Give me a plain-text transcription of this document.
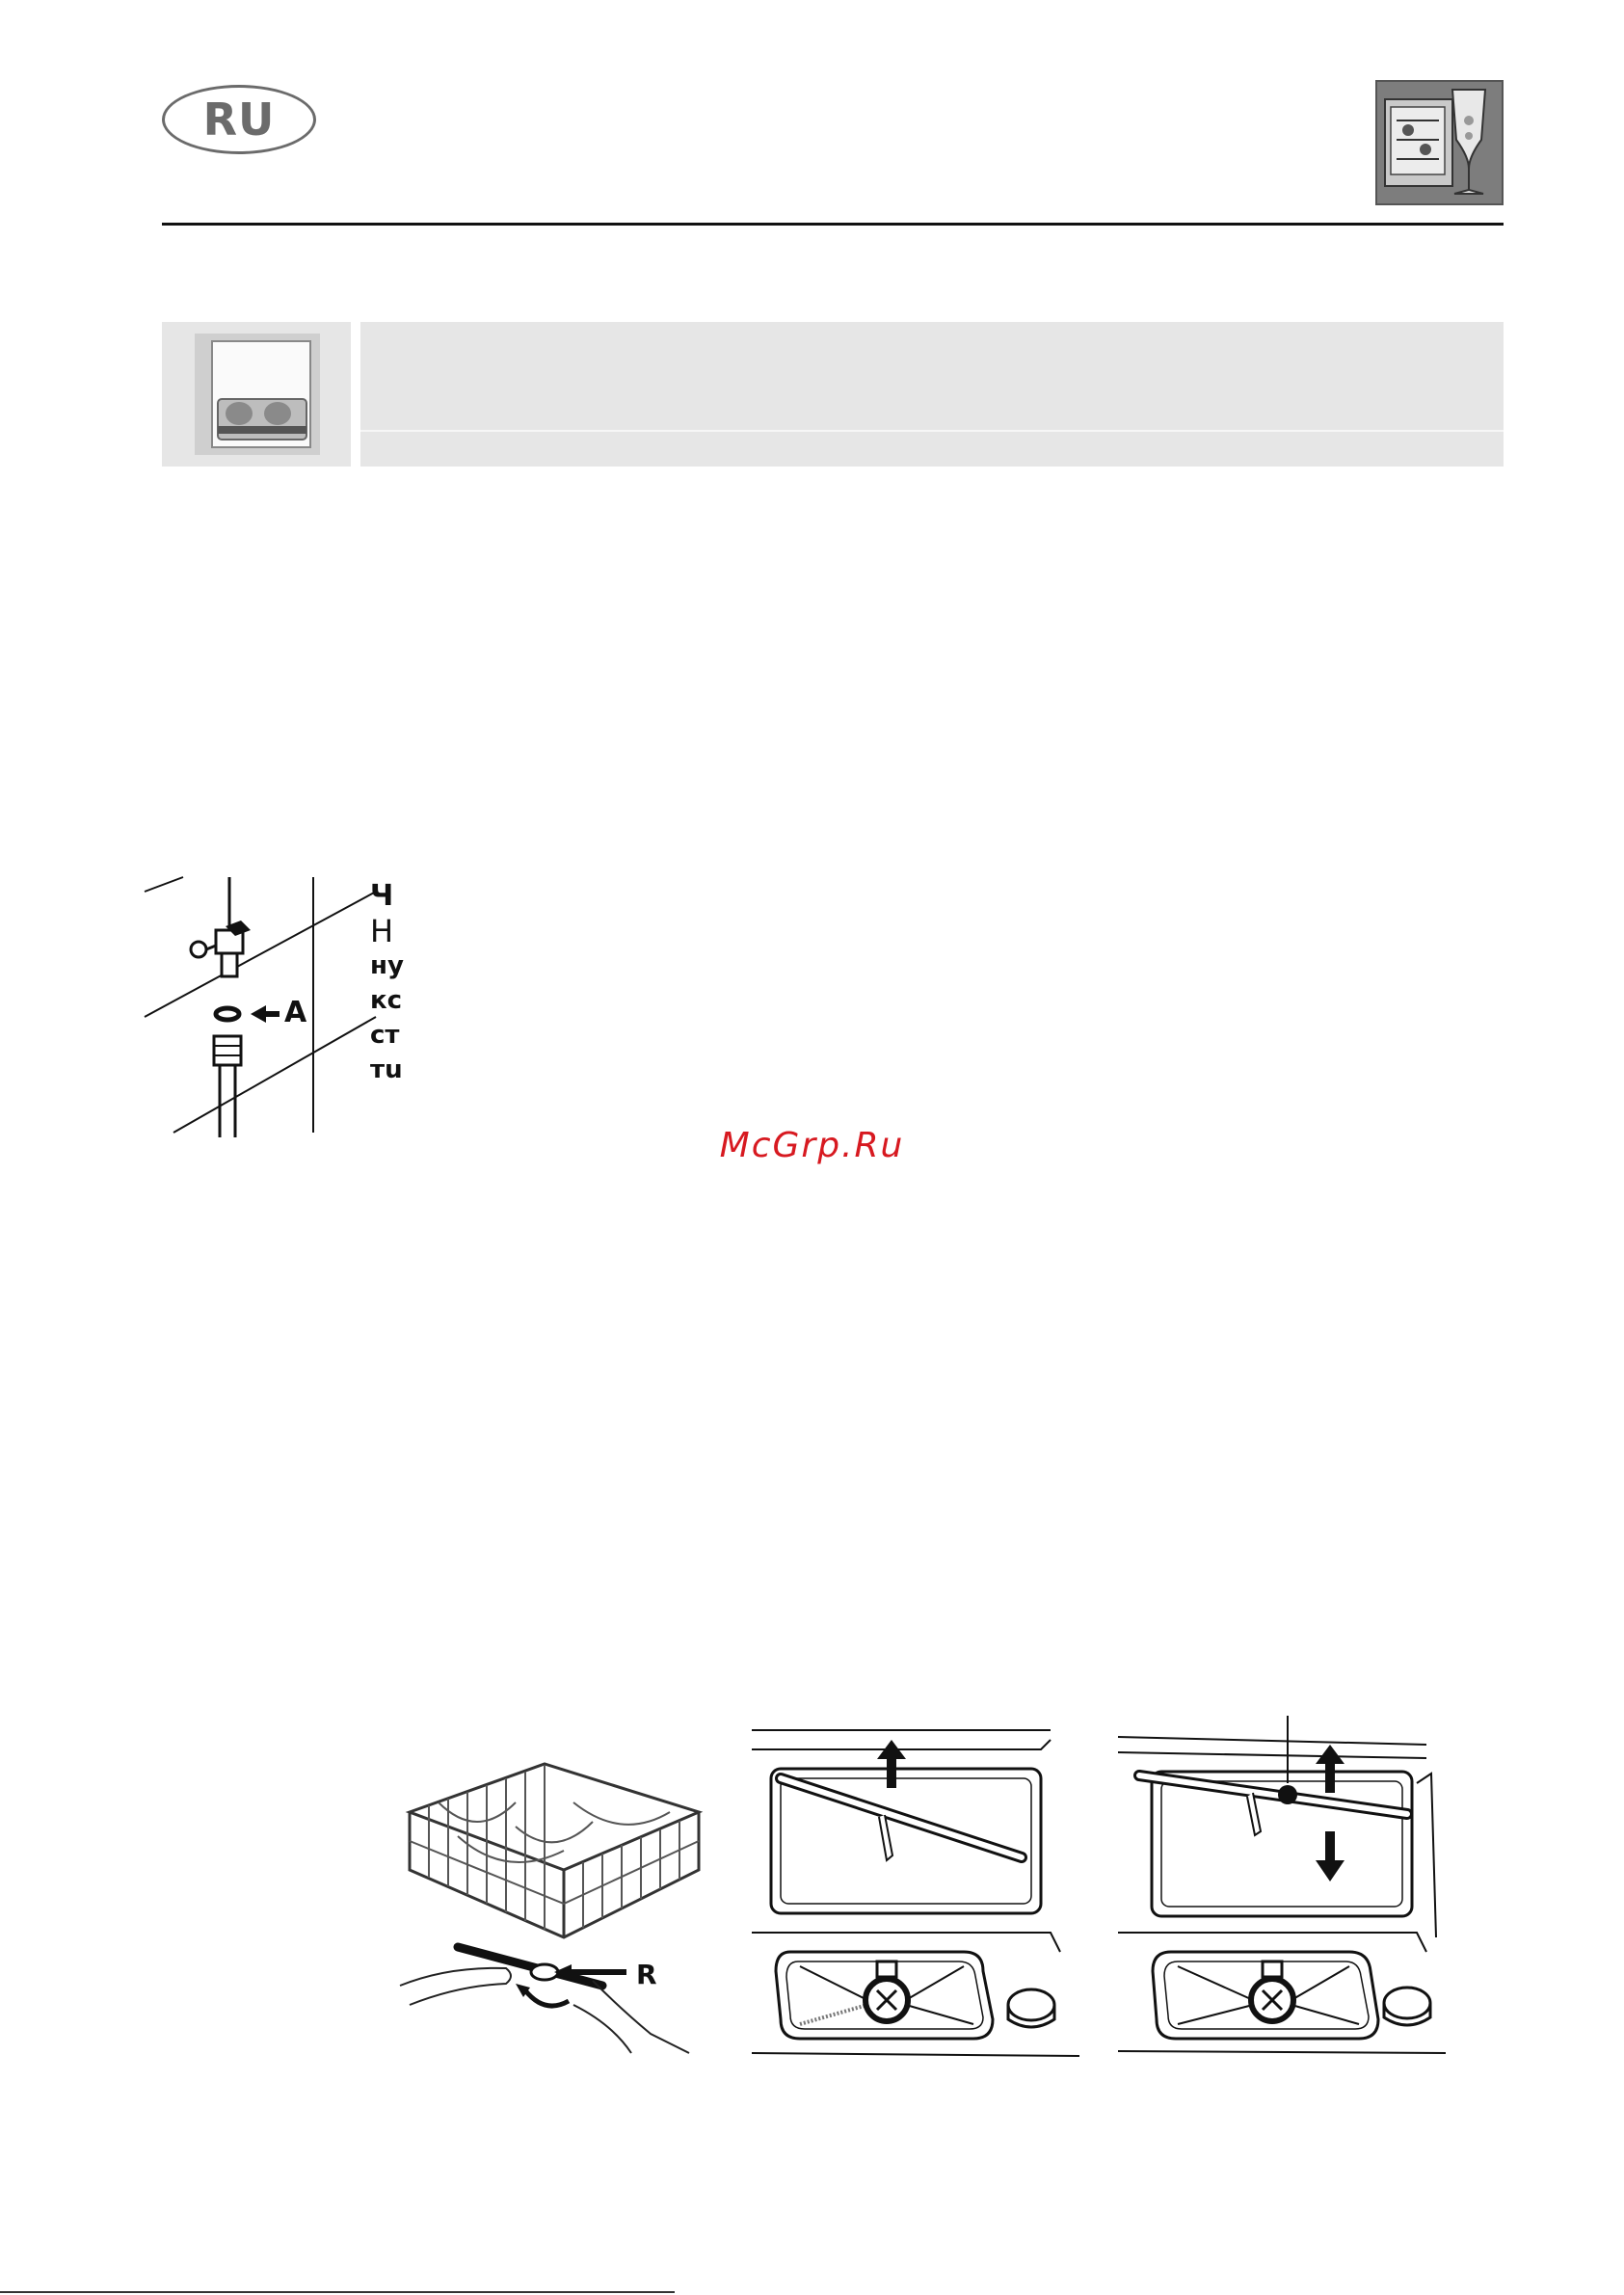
RU
A
Ч
Н
ну
кс
ст
тu
McGrp.Ru
R
